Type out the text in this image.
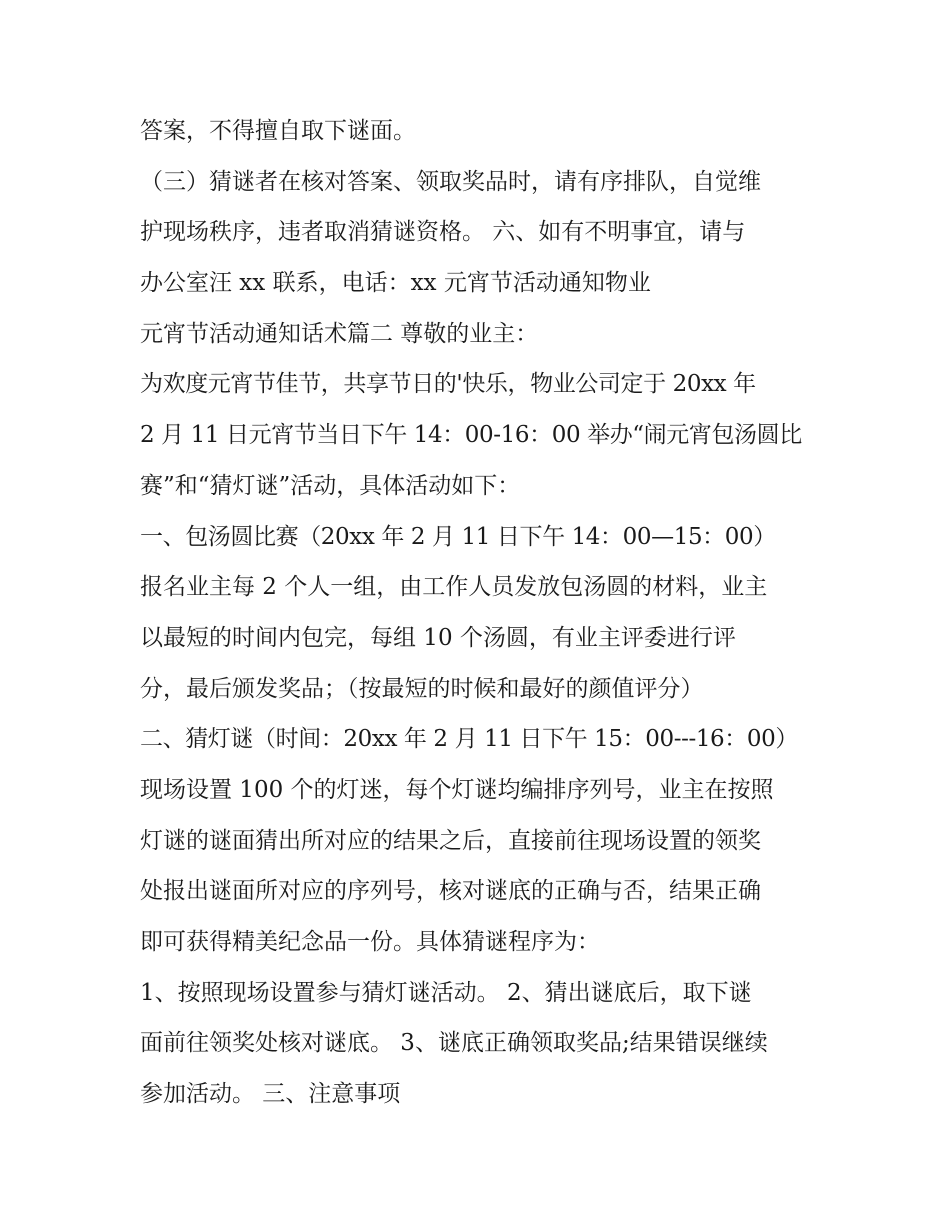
答案，不得擅自取下谜面。
（三）猜谜者在核对答案、领取奖品时，请有序排队，自觉维
护现场秩序，违者取消猜谜资格。 六、如有不明事宜，请与
办公室汪 xx 联系，电话：xx 元宵节活动通知物业
元宵节活动通知话术篇二 尊敬的业主：
为欢度元宵节佳节，共享节日的'快乐，物业公司定于 20xx 年
2 月 11 日元宵节当日下午 14：00-16：00 举办“闹元宵包汤圆比
赛”和“猜灯谜”活动，具体活动如下：
一、包汤圆比赛（20xx 年 2 月 11 日下午 14：00—15：00）
报名业主每 2 个人一组，由工作人员发放包汤圆的材料，业主
以最短的时间内包完，每组 10 个汤圆，有业主评委进行评
分，最后颁发奖品；（按最短的时候和最好的颜值评分）
二、猜灯谜（时间：20xx 年 2 月 11 日下午 15：00---16：00）
现场设置 100 个的灯迷，每个灯谜均编排序列号，业主在按照
灯谜的谜面猜出所对应的结果之后，直接前往现场设置的领奖
处报出谜面所对应的序列号，核对谜底的正确与否，结果正确
即可获得精美纪念品一份。具体猜谜程序为：
1、按照现场设置参与猜灯谜活动。 2、猜出谜底后，取下谜
面前往领奖处核对谜底。 3、谜底正确领取奖品;结果错误继续
参加活动。 三、注意事项
